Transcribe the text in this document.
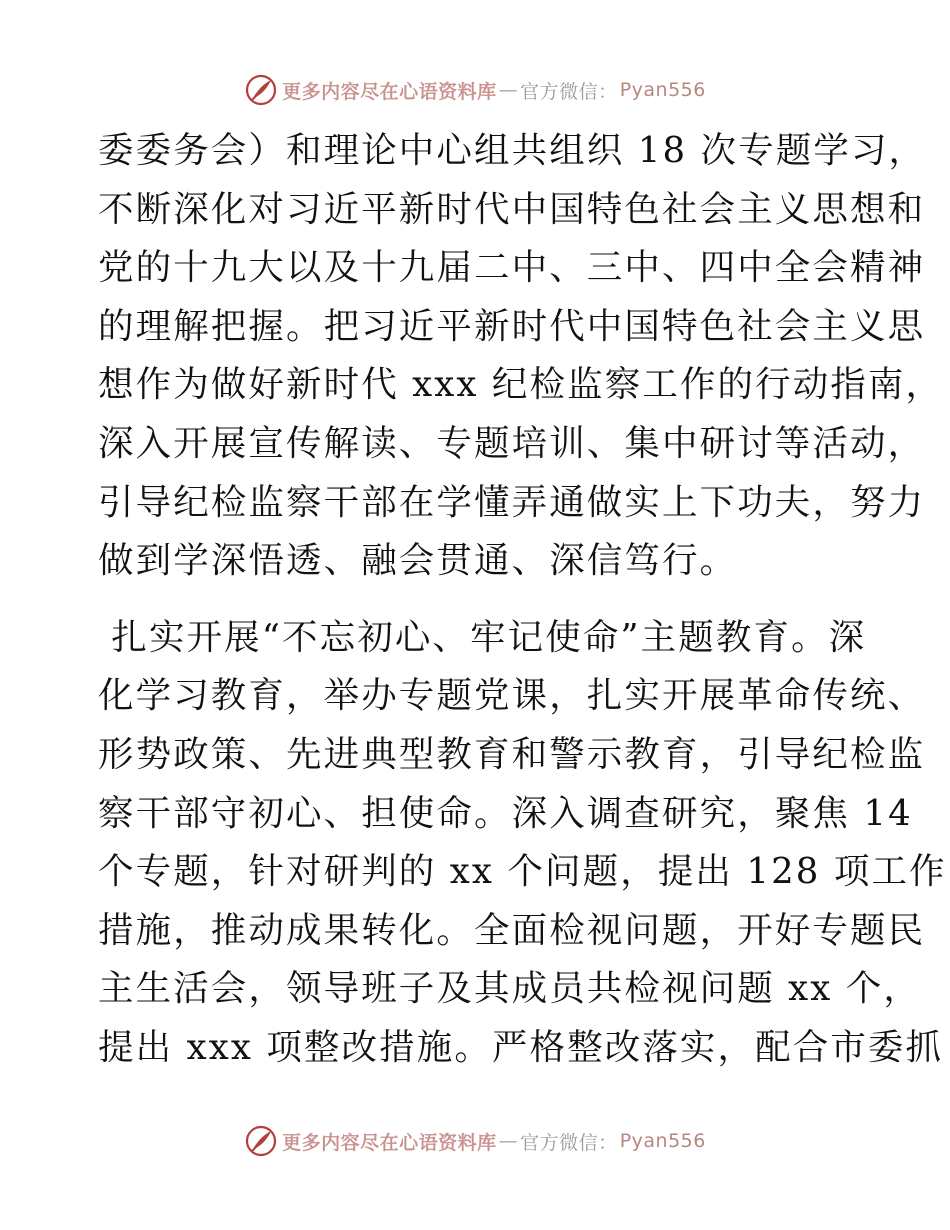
更多内容尽在心语资料库 — 官方微信： Pyan556
委委务会）和理论中心组共组织 18 次专题学习，
不断深化对习近平新时代中国特色社会主义思想和
党的十九大以及十九届二中、三中、四中全会精神
的理解把握。把习近平新时代中国特色社会主义思
想作为做好新时代 xxx 纪检监察工作的行动指南，
深入开展宣传解读、专题培训、集中研讨等活动，
引导纪检监察干部在学懂弄通做实上下功夫，努力
做到学深悟透、融会贯通、深信笃行。
扎实开展“不忘初心、牢记使命”主题教育。深
化学习教育，举办专题党课，扎实开展革命传统、
形势政策、先进典型教育和警示教育，引导纪检监
察干部守初心、担使命。深入调查研究，聚焦 14
个专题，针对研判的 xx 个问题，提出 128 项工作
措施，推动成果转化。全面检视问题，开好专题民
主生活会，领导班子及其成员共检视问题 xx 个，
提出 xxx 项整改措施。严格整改落实，配合市委抓
更多内容尽在心语资料库 — 官方微信： Pyan556
